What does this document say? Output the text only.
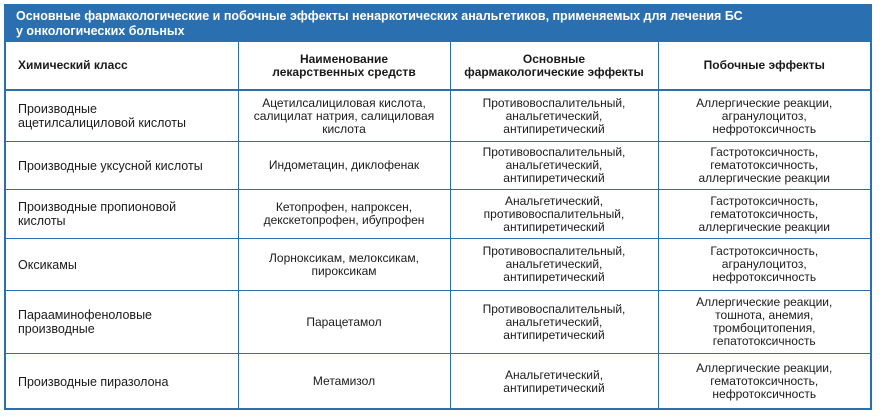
Основные фармакологические и побочные эффекты ненаркотических анальгетиков, применяемых для лечения БС
у онкологических больных
Химический класс	Наименование
лекарственных средств	Основные
фармакологические эффекты	Побочные эффекты

Производные
ацетилсалициловой кислоты	Ацетилсалициловая кислота,
салицилат натрия, салициловая
кислота	Противовоспалительный,
анальгетический,
антипиретический	Аллергические реакции,
агранулоцитоз,
нефротоксичность

Производные уксусной кислоты	Индометацин, диклофенак	Противовоспалительный,
анальгетический,
антипиретический	Гастротоксичность,
гематотоксичность,
аллергические реакции

Производные пропионовой
кислоты	Кетопрофен, напроксен,
декскетопрофен, ибупрофен	Анальгетический,
противовоспалительный,
антипиретический	Гастротоксичность,
гематотоксичность,
аллергические реакции

Оксикамы	Лорноксикам, мелоксикам,
пироксикам	Противовоспалительный,
анальгетический,
антипиретический	Гастротоксичность,
агранулоцитоз,
нефротоксичность

Парааминофеноловые
производные	Парацетамол	Противовоспалительный,
анальгетический,
антипиретический	Аллергические реакции,
тошнота, анемия,
тромбоцитопения,
гепатотоксичность

Производные пиразолона	Метамизол	Анальгетический,
антипиретический	Аллергические реакции,
гематотоксичность,
нефротоксичность
